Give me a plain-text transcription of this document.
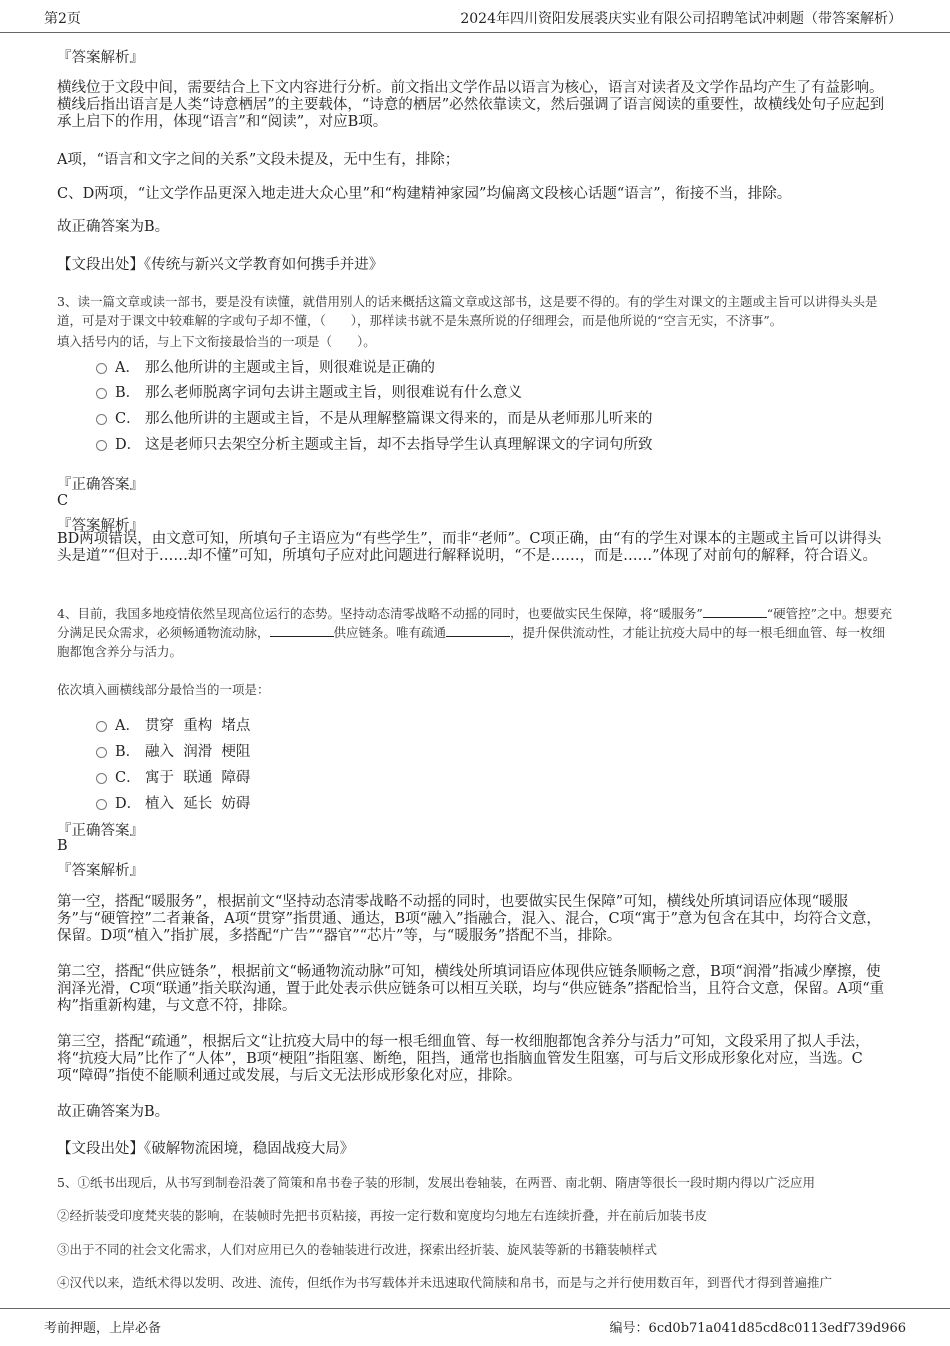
第2页	2024年四川资阳发展裘庆实业有限公司招聘笔试冲刺题（带答案解析）
『答案解析』
横线位于文段中间，需要结合上下文内容进行分析。前文指出文学作品以语言为核心，语言对读者及文学作品均产生了有益影响。横线后指出语言是人类“诗意栖居”的主要载体，“诗意的栖居”必然依靠读文，然后强调了语言阅读的重要性，故横线处句子应起到承上启下的作用，体现“语言”和“阅读”，对应B项。
A项，“语言和文字之间的关系”文段未提及，无中生有，排除；
C、D两项，“让文学作品更深入地走进大众心里”和“构建精神家园”均偏离文段核心话题“语言”，衔接不当，排除。
故正确答案为B。
【文段出处】《传统与新兴文学教育如何携手并进》
3、读一篇文章或读一部书，要是没有读懂，就借用别人的话来概括这篇文章或这部书，这是要不得的。有的学生对课文的主题或主旨可以讲得头头是道，可是对于课文中较难解的字或句子却不懂，（　　），那样读书就不是朱熹所说的仔细理会，而是他所说的“空言无实，不济事”。
填入括号内的话，与上下文衔接最恰当的一项是（　　）。
A． 那么他所讲的主题或主旨，则很难说是正确的
B． 那么老师脱离字词句去讲主题或主旨，则很难说有什么意义
C． 那么他所讲的主题或主旨，不是从理解整篇课文得来的，而是从老师那儿听来的
D． 这是老师只去架空分析主题或主旨，却不去指导学生认真理解课文的字词句所致
『正确答案』
C
『答案解析』
BD两项错误，由文意可知，所填句子主语应为“有些学生”，而非“老师”。C项正确，由“有的学生对课本的主题或主旨可以讲得头头是道”“但对于……却不懂”可知，所填句子应对此问题进行解释说明，“不是……，而是……”体现了对前句的解释，符合语义。
4、目前，我国多地疫情依然呈现高位运行的态势。坚持动态清零战略不动摇的同时，也要做实民生保障，将“暖服务”	“硬管控”之中。想要充分满足民众需求，必须畅通物流动脉，	供应链条。唯有疏通	，提升保供流动性，才能让抗疫大局中的每一根毛细血管、每一枚细胞都饱含养分与活力。
依次填入画横线部分最恰当的一项是：
A． 贯穿  重构  堵点
B． 融入  润滑  梗阻
C． 寓于  联通  障碍
D． 植入  延长  妨碍
『正确答案』
B
『答案解析』
第一空，搭配“暖服务”，根据前文“坚持动态清零战略不动摇的同时，也要做实民生保障”可知，横线处所填词语应体现“暖服务”与“硬管控”二者兼备，A项“贯穿”指贯通、通达，B项“融入”指融合，混入、混合，C项“寓于”意为包含在其中，均符合文意，保留。D项“植入”指扩展，多搭配“广告”“器官”“芯片”等，与“暖服务”搭配不当，排除。
第二空，搭配“供应链条”，根据前文“畅通物流动脉”可知，横线处所填词语应体现供应链条顺畅之意，B项“润滑”指减少摩擦，使润泽光滑，C项“联通”指关联沟通，置于此处表示供应链条可以相互关联，均与“供应链条”搭配恰当，且符合文意，保留。A项“重构”指重新构建，与文意不符，排除。
第三空，搭配“疏通”，根据后文“让抗疫大局中的每一根毛细血管、每一枚细胞都饱含养分与活力”可知，文段采用了拟人手法，将“抗疫大局”比作了“人体”，B项“梗阻”指阻塞、断绝，阻挡，通常也指脑血管发生阻塞，可与后文形成形象化对应，当选。C项“障碍”指使不能顺利通过或发展，与后文无法形成形象化对应，排除。
故正确答案为B。
【文段出处】《破解物流困境，稳固战疫大局》
5、①纸书出现后，从书写到制卷沿袭了简策和帛书卷子装的形制，发展出卷轴装，在两晋、南北朝、隋唐等很长一段时期内得以广泛应用
②经折装受印度梵夹装的影响，在装帧时先把书页粘接，再按一定行数和宽度均匀地左右连续折叠，并在前后加装书皮
③出于不同的社会文化需求，人们对应用已久的卷轴装进行改进，探索出经折装、旋风装等新的书籍装帧样式
④汉代以来，造纸术得以发明、改进、流传，但纸作为书写载体并未迅速取代简牍和帛书，而是与之并行使用数百年，到晋代才得到普遍推广
考前押题，上岸必备	编号：6cd0b71a041d85cd8c0113edf739d966
